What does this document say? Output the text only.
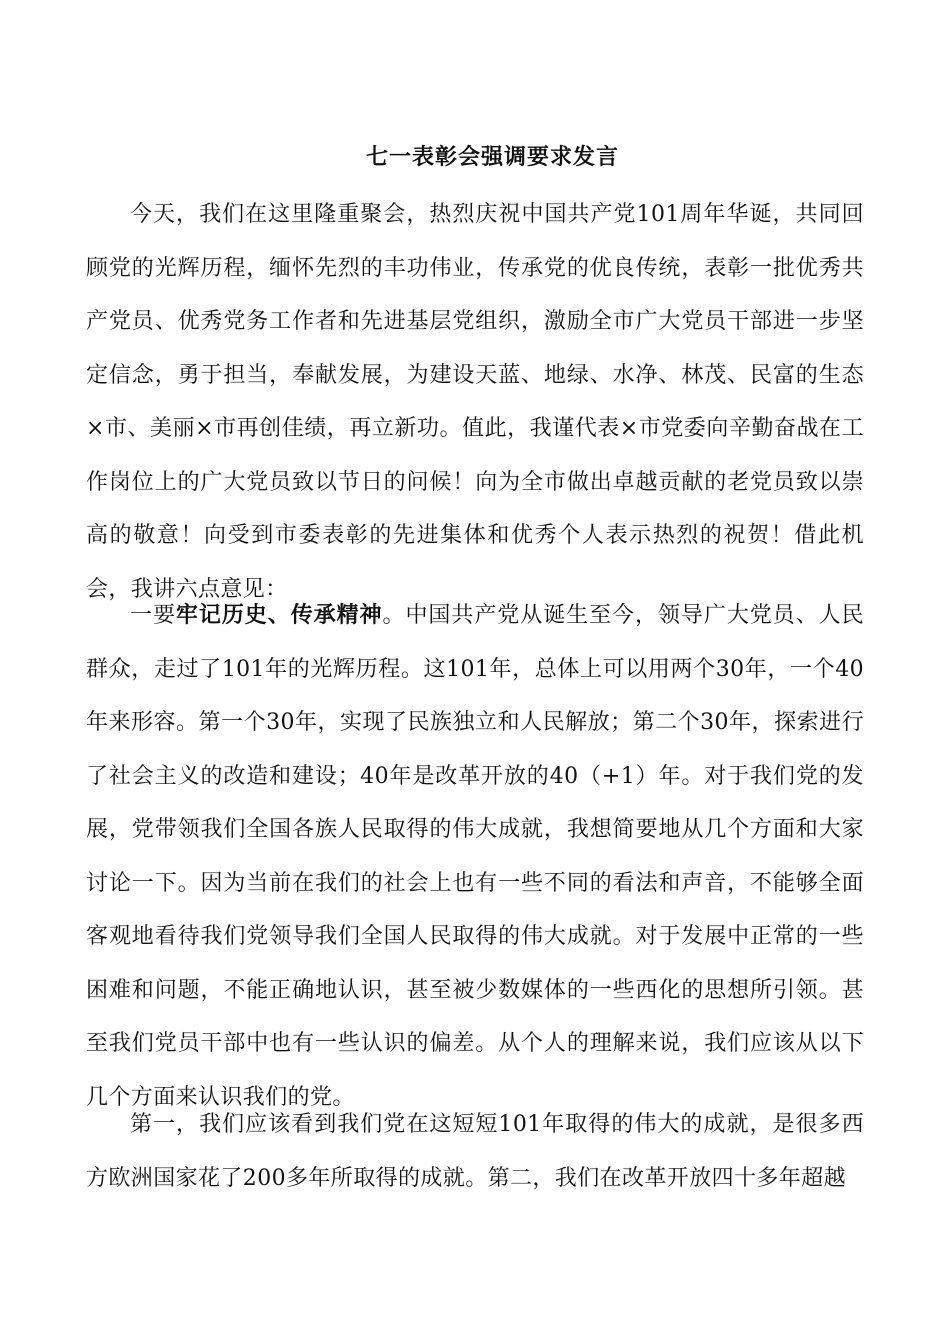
七一表彰会强调要求发言

今天，我们在这里隆重聚会，热烈庆祝中国共产党101周年华诞，共同回顾党的光辉历程，缅怀先烈的丰功伟业，传承党的优良传统，表彰一批优秀共产党员、优秀党务工作者和先进基层党组织，激励全市广大党员干部进一步坚定信念，勇于担当，奉献发展，为建设天蓝、地绿、水净、林茂、民富的生态×市、美丽×市再创佳绩，再立新功。值此，我谨代表×市党委向辛勤奋战在工作岗位上的广大党员致以节日的问候！向为全市做出卓越贡献的老党员致以崇高的敬意！向受到市委表彰的先进集体和优秀个人表示热烈的祝贺！借此机会，我讲六点意见：

一要牢记历史、传承精神。中国共产党从诞生至今，领导广大党员、人民群众，走过了101年的光辉历程。这101年，总体上可以用两个30年，一个40年来形容。第一个30年，实现了民族独立和人民解放；第二个30年，探索进行了社会主义的改造和建设；40年是改革开放的40（+1）年。对于我们党的发展，党带领我们全国各族人民取得的伟大成就，我想简要地从几个方面和大家讨论一下。因为当前在我们的社会上也有一些不同的看法和声音，不能够全面客观地看待我们党领导我们全国人民取得的伟大成就。对于发展中正常的一些困难和问题，不能正确地认识，甚至被少数媒体的一些西化的思想所引领。甚至我们党员干部中也有一些认识的偏差。从个人的理解来说，我们应该从以下几个方面来认识我们的党。

第一，我们应该看到我们党在这短短101年取得的伟大的成就，是很多西方欧洲国家花了200多年所取得的成就。第二，我们在改革开放四十多年超越
